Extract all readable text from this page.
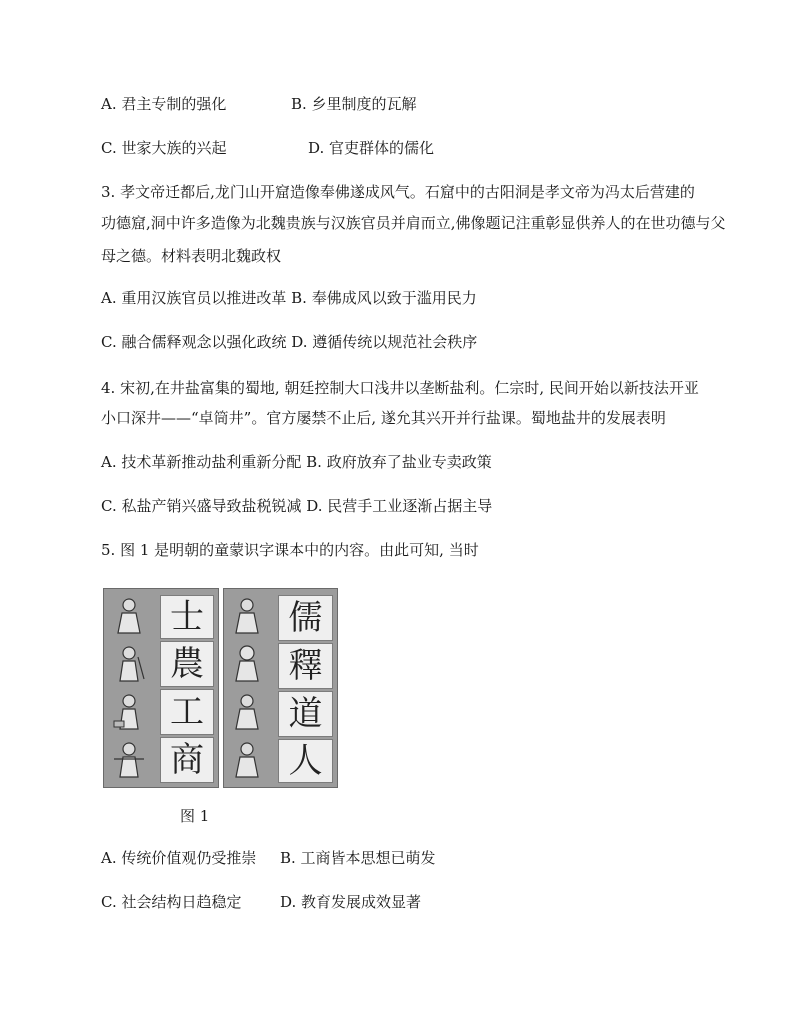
A. 君主专制的强化	B. 乡里制度的瓦解
C. 世家大族的兴起	D. 官吏群体的儒化
3. 孝文帝迁都后,龙门山开窟造像奉佛遂成风气。石窟中的古阳洞是孝文帝为冯太后营建的
功德窟,洞中许多造像为北魏贵族与汉族官员并肩而立,佛像题记注重彰显供养人的在世功德与父
母之德。材料表明北魏政权
A. 重用汉族官员以推进改革 B. 奉佛成风以致于滥用民力
C. 融合儒释观念以强化政统 D. 遵循传统以规范社会秩序
4. 宋初,在井盐富集的蜀地, 朝廷控制大口浅井以垄断盐利。仁宗时, 民间开始以新技法开亚
小口深井——“卓筒井”。官方屡禁不止后, 遂允其兴开并行盐课。蜀地盐井的发展表明
A. 技术革新推动盐利重新分配 B. 政府放弃了盐业专卖政策
C. 私盐产销兴盛导致盐税锐减 D. 民营手工业逐渐占据主导
5. 图 1 是明朝的童蒙识字课本中的内容。由此可知, 当时
士
農
工
商
儒
釋
道
人
图 1
A. 传统价值观仍受推崇 B. 工商皆本思想已萌发
C. 社会结构日趋稳定	D. 教育发展成效显著
